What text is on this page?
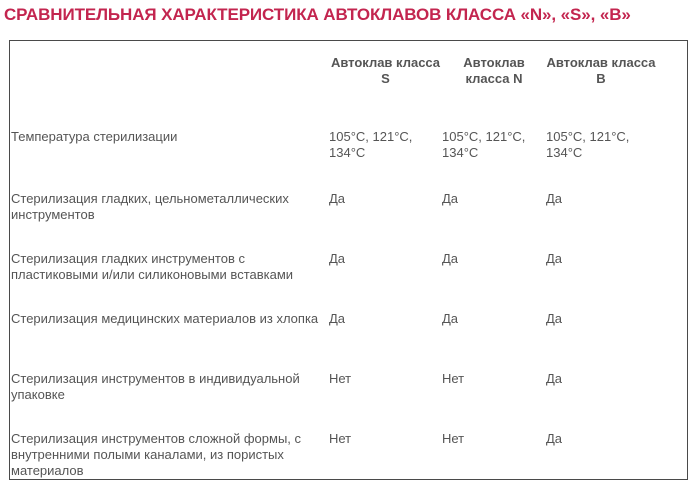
СРАВНИТЕЛЬНАЯ ХАРАКТЕРИСТИКА АВТОКЛАВОВ КЛАССА «N», «S», «B»
	Автоклав класса S	Автоклав класса N	Автоклав класса B
Температура стерилизации	105°C, 121°C, 134°C	105°C, 121°C, 134°C	105°C, 121°C, 134°C
Стерилизация гладких, цельнометаллических инструментов	Да	Да	Да
Стерилизация гладких инструментов с пластиковыми и/или силиконовыми вставками	Да	Да	Да
Стерилизация медицинских материалов из хлопка	Да	Да	Да
Стерилизация инструментов в индивидуальной упаковке	Нет	Нет	Да
Стерилизация инструментов сложной формы, с внутренними полыми каналами, из пористых материалов	Нет	Нет	Да
